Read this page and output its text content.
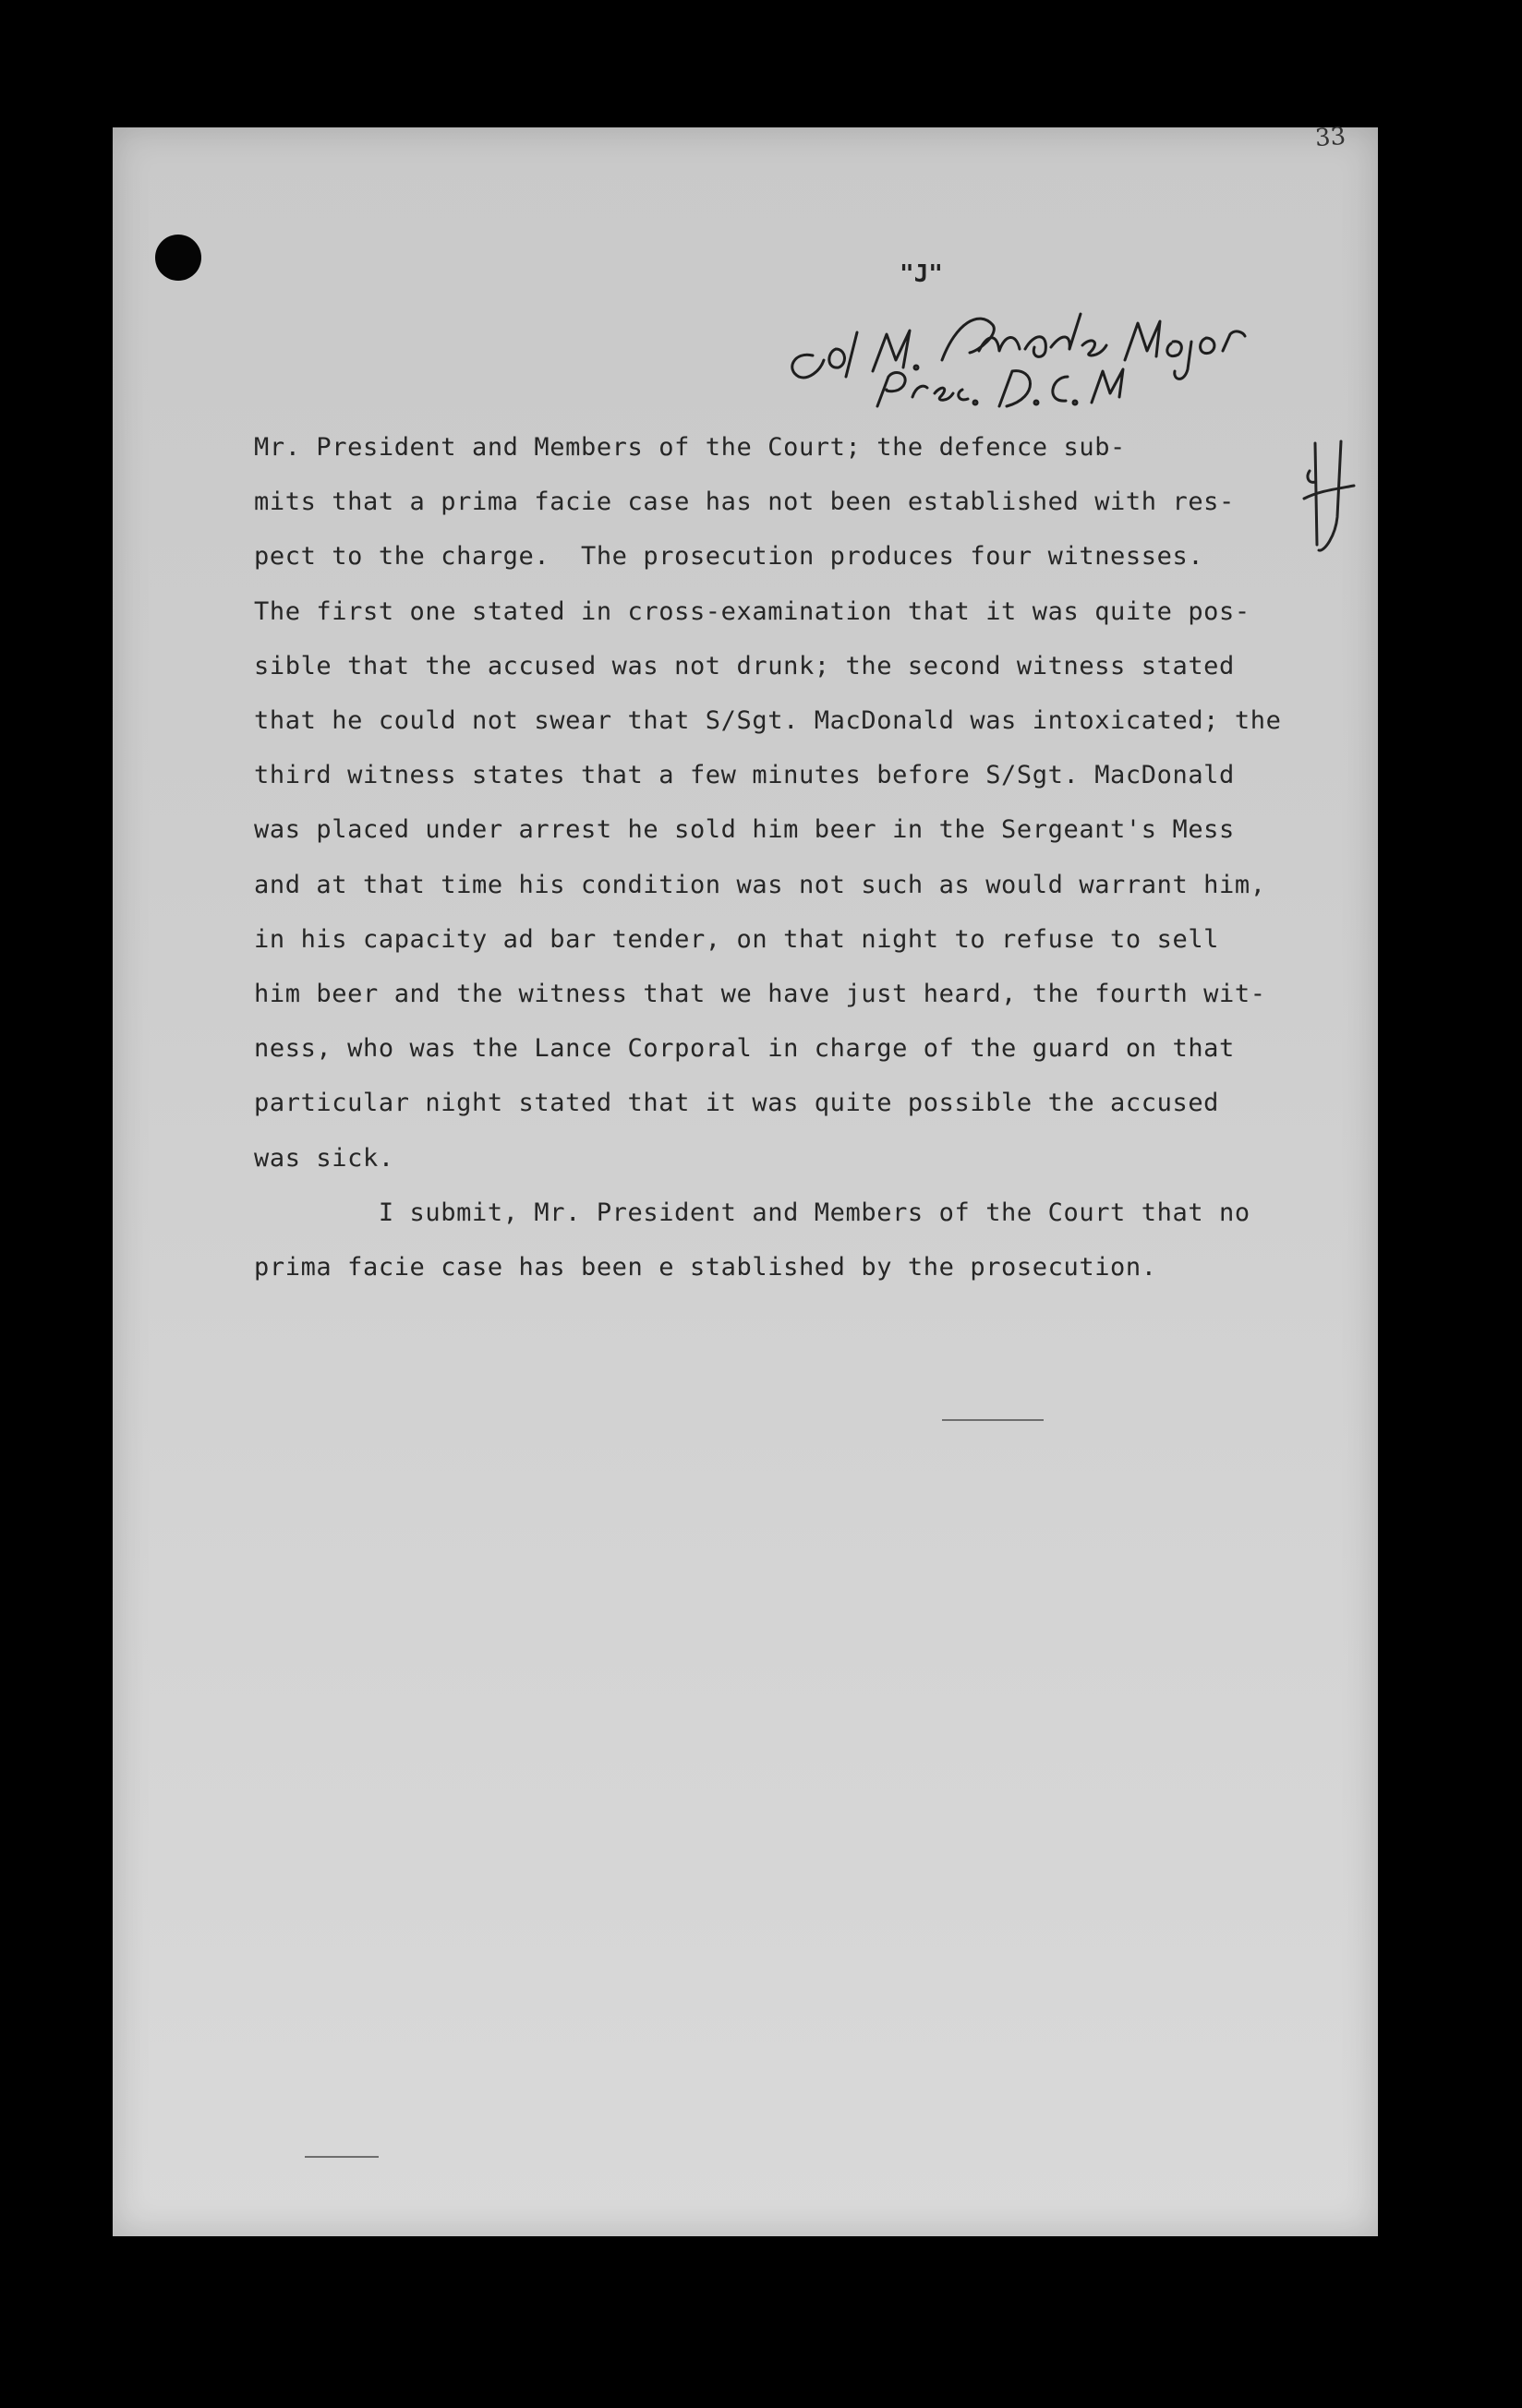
33
"J"
Mr. President and Members of the Court; the defence sub-
mits that a prima facie case has not been established with res-
pect to the charge.  The prosecution produces four witnesses.
The first one stated in cross-examination that it was quite pos-
sible that the accused was not drunk; the second witness stated
that he could not swear that S/Sgt. MacDonald was intoxicated; the
third witness states that a few minutes before S/Sgt. MacDonald
was placed under arrest he sold him beer in the Sergeant's Mess
and at that time his condition was not such as would warrant him,
in his capacity ad bar tender, on that night to refuse to sell
him beer and the witness that we have just heard, the fourth wit-
ness, who was the Lance Corporal in charge of the guard on that
particular night stated that it was quite possible the accused
was sick.
I submit, Mr. President and Members of the Court that no
prima facie case has been e stablished by the prosecution.
